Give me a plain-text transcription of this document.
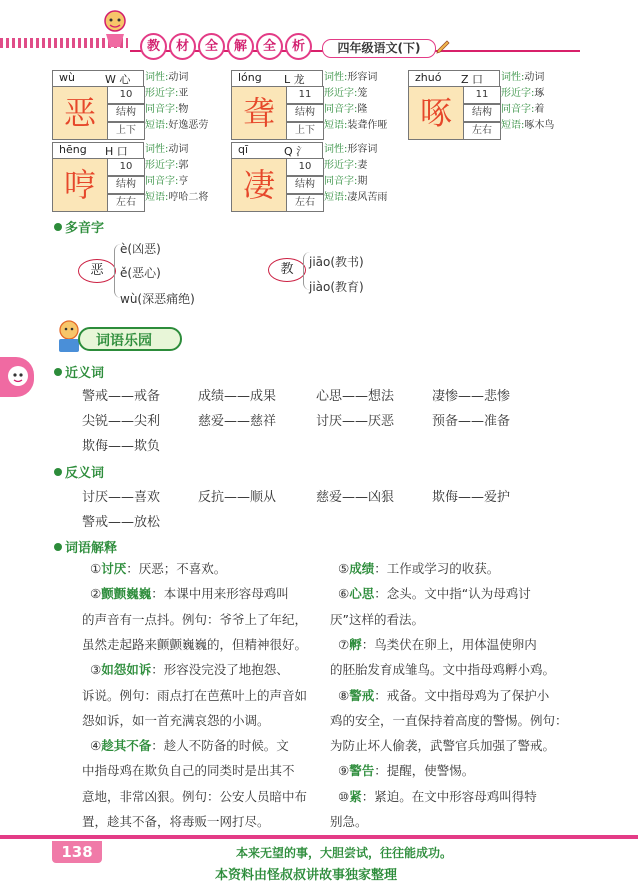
教	材	全	解	全	析	四年级语文(下)
wù	W 心
恶	10
结构
上下
词性:动词
形近字:亚
同音字:物
短语:好逸恶劳
lóng L 龙
聋	11
结构
上下
词性:形容词
形近字:笼
同音字:隆
短语:装聋作哑
zhuó Z 口
啄	11
结构
左右
词性:动词
形近字:琢
同音字:着
短语:啄木鸟
hēng H 口
哼	10
结构
左右
词性:动词
形近字:郭
同音字:亨
短语:哼哈二将
qī	Q 氵
凄	10
结构
左右
词性:形容词
形近字:妻
同音字:期
短语:凄风苦雨
多音字
恶
è(凶恶)
ě(恶心)
wù(深恶痛绝)
教	jiāo(教书)
jiào(教育)
词语乐园
近义词
警戒——戒备	成绩——成果	心思——想法	凄惨——悲惨
尖锐——尖利	慈爱——慈祥	讨厌——厌恶	预备——准备
欺侮——欺负
反义词
讨厌——喜欢	反抗——顺从	慈爱——凶狠	欺侮——爱护
警戒——放松
词语解释
①讨厌：厌恶；不喜欢。
②颤颤巍巍：本课中用来形容母鸡叫
的声音有一点抖。例句：爷爷上了年纪，
虽然走起路来颤颤巍巍的，但精神很好。
③如怨如诉：形容没完没了地抱怨、
诉说。例句：雨点打在芭蕉叶上的声音如
怨如诉，如一首充满哀怨的小调。
④趁其不备：趁人不防备的时候。文
中指母鸡在欺负自己的同类时是出其不
意地，非常凶狠。例句：公安人员暗中布
置，趁其不备，将毒贩一网打尽。
⑤成绩：工作或学习的收获。
⑥心思：念头。文中指“认为母鸡讨
厌”这样的看法。
⑦孵：鸟类伏在卵上，用体温使卵内
的胚胎发育成雏鸟。文中指母鸡孵小鸡。
⑧警戒：戒备。文中指母鸡为了保护小
鸡的安全，一直保持着高度的警惕。例句：
为防止坏人偷袭，武警官兵加强了警戒。
⑨警告：提醒，使警惕。
⑩紧：紧迫。在文中形容母鸡叫得特
别急。
138	本来无望的事，大胆尝试，往往能成功。
本资料由怪叔叔讲故事独家整理
